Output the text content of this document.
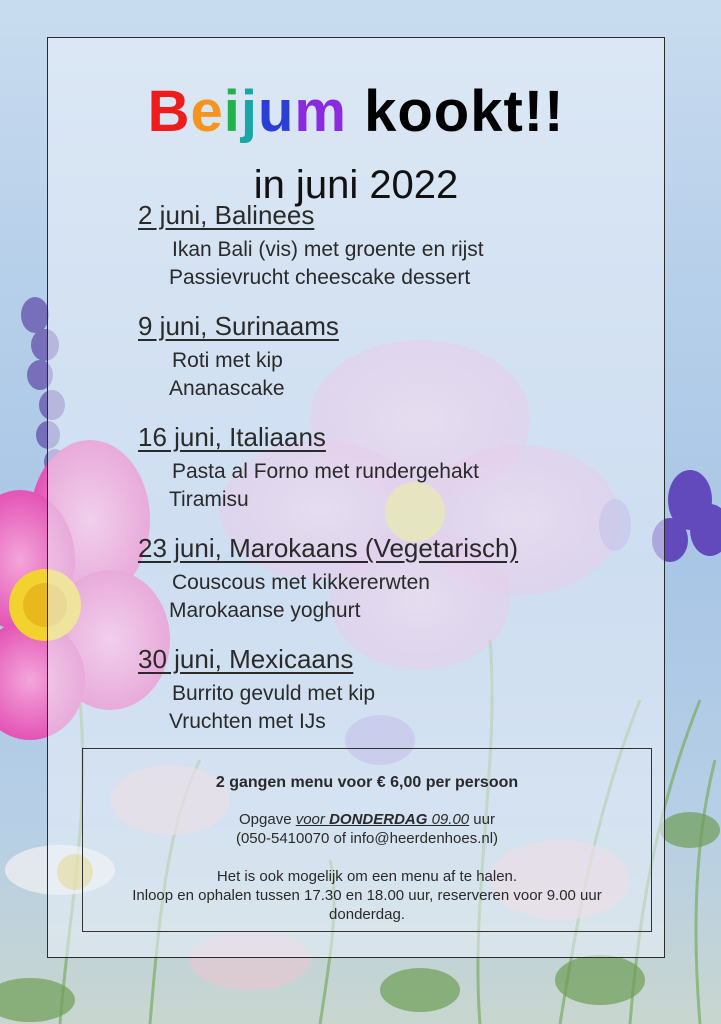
Beijum kookt!!
in juni 2022
2 juni, Balinees
Ikan Bali (vis) met groente en rijst
Passievrucht cheescake dessert
9 juni, Surinaams
Roti met kip
Ananascake
16 juni, Italiaans
Pasta al Forno met rundergehakt
Tiramisu
23 juni, Marokaans (Vegetarisch)
Couscous met kikkererwten
Marokaanse yoghurt
30 juni, Mexicaans
Burrito gevuld met kip
Vruchten met IJs
2 gangen menu voor € 6,00 per persoon
Opgave voor DONDERDAG 09.00 uur
(050-5410070 of info@heerdenhoes.nl)
Het is ook mogelijk om een menu af te halen.
Inloop en ophalen tussen 17.30 en 18.00 uur, reserveren voor 9.00 uur
donderdag.
